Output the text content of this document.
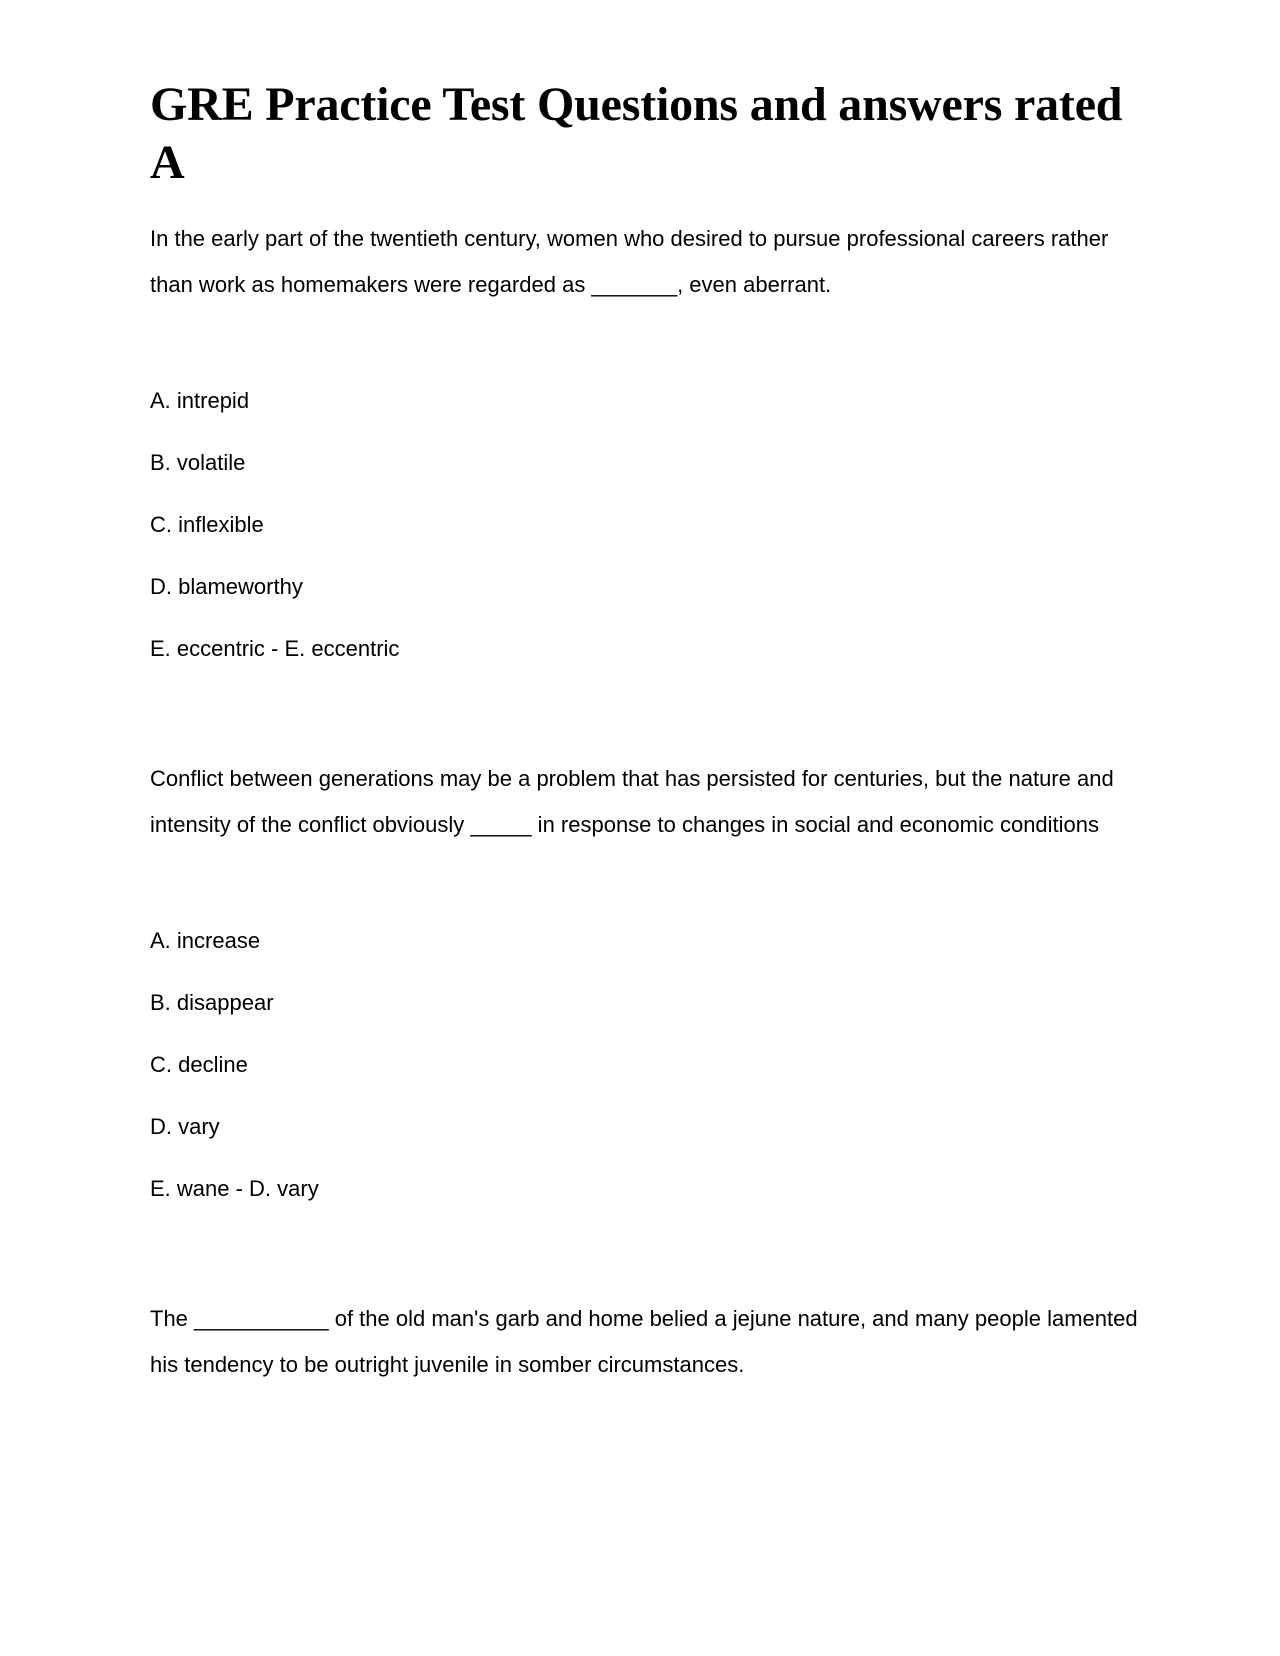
GRE Practice Test Questions and answers rated A

In the early part of the twentieth century, women who desired to pursue professional careers rather than work as homemakers were regarded as _______, even aberrant.

A. intrepid

B. volatile

C. inflexible

D. blameworthy

E. eccentric - E. eccentric

Conflict between generations may be a problem that has persisted for centuries, but the nature and intensity of the conflict obviously _____ in response to changes in social and economic conditions

A. increase

B. disappear

C. decline

D. vary

E. wane - D. vary

The ___________ of the old man's garb and home belied a jejune nature, and many people lamented his tendency to be outright juvenile in somber circumstances.
